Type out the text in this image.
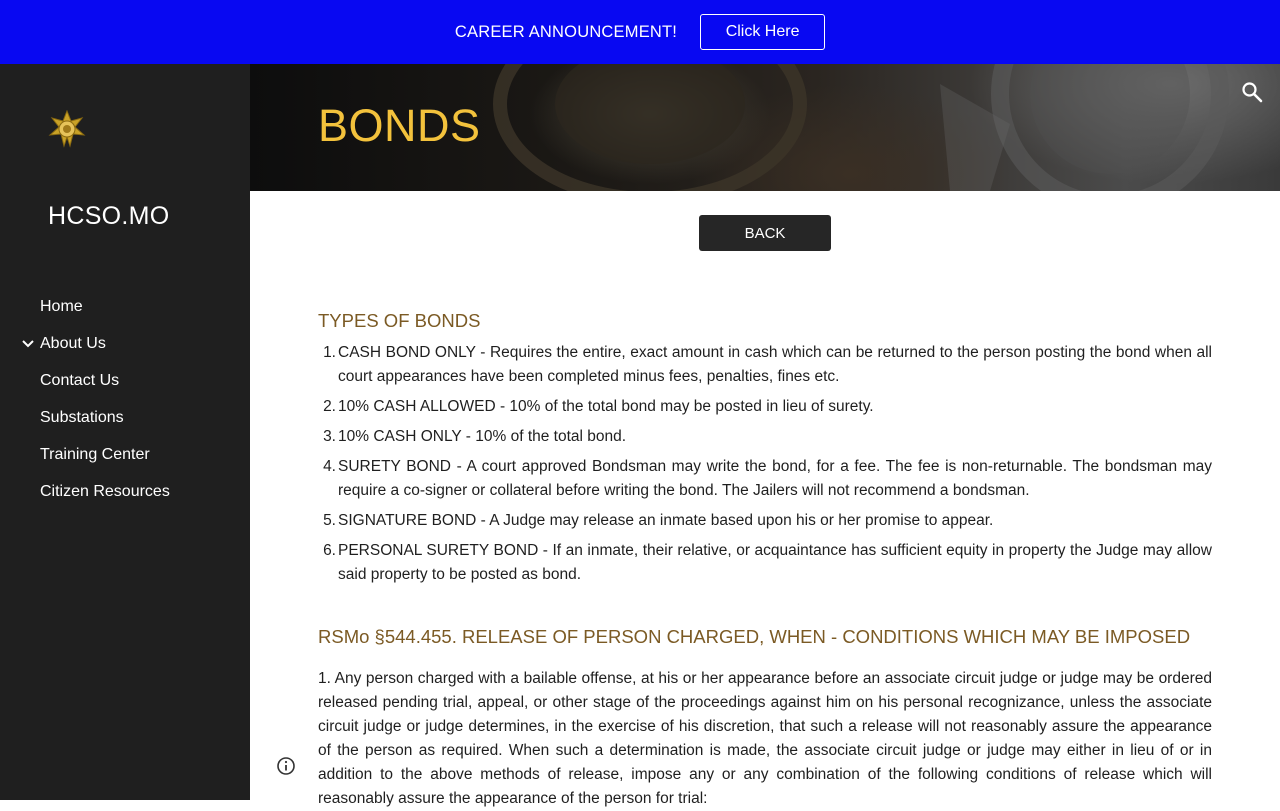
CAREER ANNOUNCEMENT!	Click Here
HCSO.MO
Home
About Us
Contact Us
Substations
Training Center
Citizen Resources
BONDS
BACK
TYPES OF BONDS
1. CASH BOND ONLY - Requires the entire, exact amount in cash which can be returned to the person posting the bond when all court appearances have been completed minus fees, penalties, fines etc.
2. 10% CASH ALLOWED - 10% of the total bond may be posted in lieu of surety.
3. 10% CASH ONLY - 10% of the total bond.
4. SURETY BOND - A court approved Bondsman may write the bond, for a fee. The fee is non-returnable. The bondsman may require a co-signer or collateral before writing the bond. The Jailers will not recommend a bondsman.
5. SIGNATURE BOND - A Judge may release an inmate based upon his or her promise to appear.
6. PERSONAL SURETY BOND - If an inmate, their relative, or acquaintance has sufficient equity in property the Judge may allow said property to be posted as bond.
RSMo §544.455. RELEASE OF PERSON CHARGED, WHEN - CONDITIONS WHICH MAY BE IMPOSED

1. Any person charged with a bailable offense, at his or her appearance before an associate circuit judge or judge may be ordered released pending trial, appeal, or other stage of the proceedings against him on his personal recognizance, unless the associate circuit judge or judge determines, in the exercise of his discretion, that such a release will not reasonably assure the appearance of the person as required. When such a determination is made, the associate circuit judge or judge may either in lieu of or in addition to the above methods of release, impose any or any combination of the following conditions of release which will reasonably assure the appearance of the person for trial:
